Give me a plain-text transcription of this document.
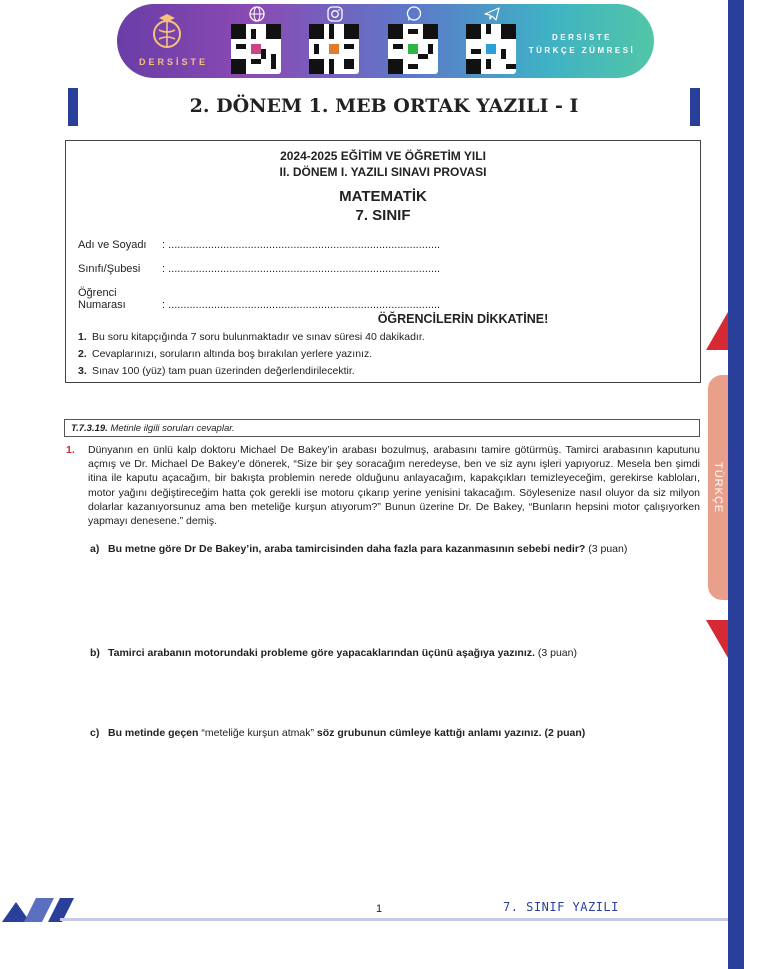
TÜRKÇE
DERSİSTE
DERSİSTE
TÜRKÇE ZÜMRESİ
2. DÖNEM 1. MEB ORTAK YAZILI - I
2024-2025 EĞİTİM VE ÖĞRETİM YILI
II. DÖNEM I. YAZILI SINAVI PROVASI
MATEMATİK
7. SINIF
Adı ve Soyadı : .........................................................................................
Sınıfı/Şubesi : .........................................................................................
Öğrenci Numarası	: .........................................................................................
ÖĞRENCİLERİN DİKKATİNE!
1. Bu soru kitapçığında 7 soru bulunmaktadır ve sınav süresi 40 dakikadır.
2. Cevaplarınızı, soruların altında boş bırakılan yerlere yazınız.
3. Sınav 100 (yüz) tam puan üzerinden değerlendirilecektir.
T.7.3.19. Metinle ilgili soruları cevaplar.
1. Dünyanın en ünlü kalp doktoru Michael De Bakey’in arabası bozulmuş, arabasını tamire götürmüş. Tamirci arabasının kaputunu açmış ve Dr. Michael De Bakey’e dönerek, “Size bir şey soracağım neredeyse, ben ve siz aynı işleri yapıyoruz. Mesela ben şimdi itina ile kaputu açacağım, bir bakışta problemin nerede olduğunu anlayacağım, kapakçıkları temizleyeceğim, gerekirse kabloları, motor yağını değiştireceğim hatta çok gerekli ise motoru çıkarıp yerine yenisini takacağım. Söylesenize nasıl oluyor da siz milyon dolarlar kazanıyorsunuz ama ben meteliğe kurşun atıyorum?” Bunun üzerine Dr. De Bakey, “Bunların hepsini motor çalışıyorken yapmayı denesene.” demiş.
a) Bu metne göre Dr De Bakey’in, araba tamircisinden daha fazla para kazanmasının sebebi nedir? (3 puan)
b) Tamirci arabanın motorundaki probleme göre yapacaklarından üçünü aşağıya yazınız. (3 puan)
c) Bu metinde geçen “meteliğe kurşun atmak” söz grubunun cümleye kattığı anlamı yazınız. (2 puan)
1	7. SINIF YAZILI
